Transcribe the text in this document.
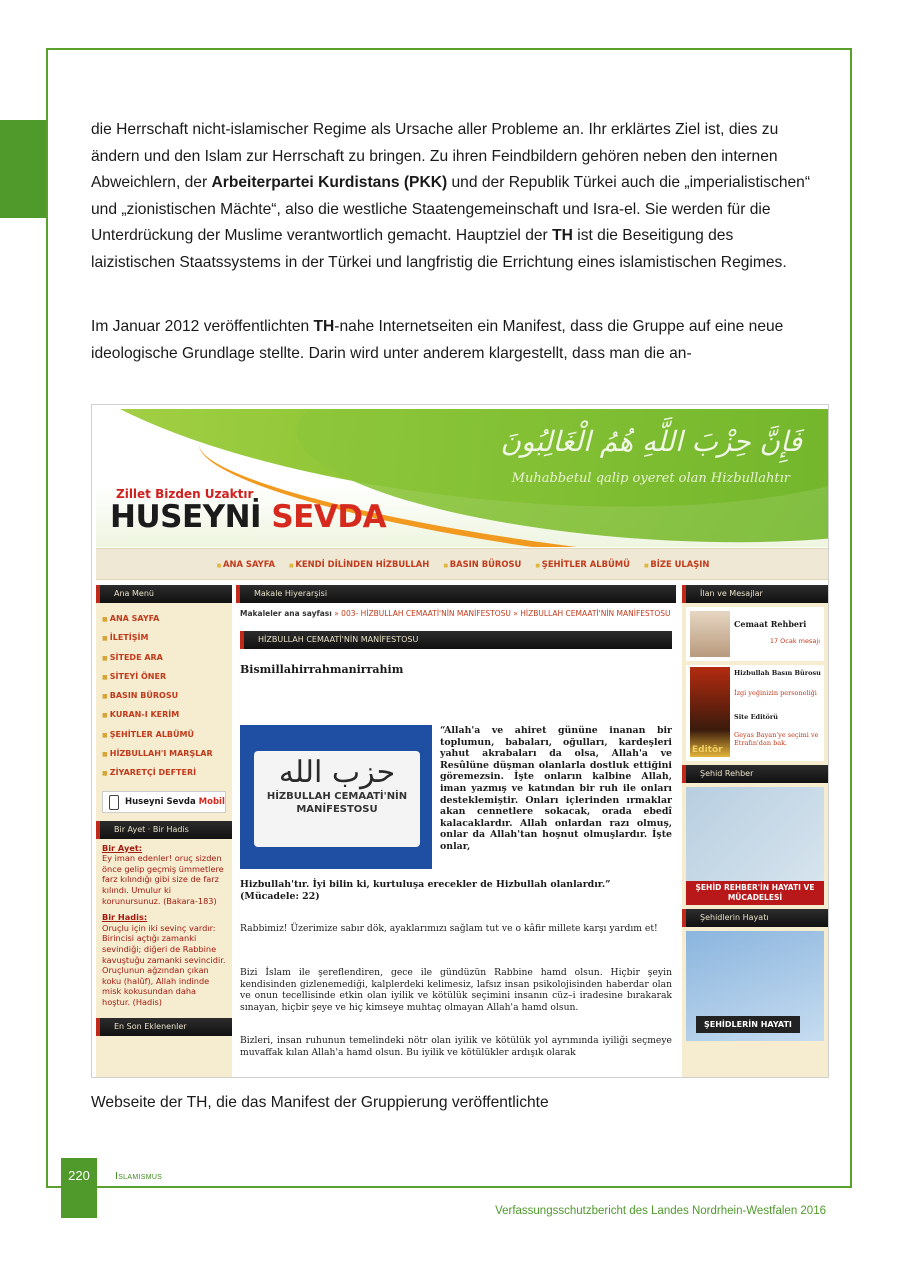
die Herrschaft nicht-islamischer Regime als Ursache aller Probleme an. Ihr erklärtes Ziel ist, dies zu ändern und den Islam zur Herrschaft zu bringen. Zu ihren Feindbildern gehören neben den internen Abweichlern, der Arbeiterpartei Kurdistans (PKK) und der Republik Türkei auch die „imperialistischen“ und „zionistischen Mächte“, also die westliche Staatengemeinschaft und Isra-el. Sie werden für die Unterdrückung der Muslime verantwortlich gemacht. Hauptziel der TH ist die Beseitigung des laizistischen Staatssystems in der Türkei und langfristig die Errichtung eines islamistischen Regimes.

Im Januar 2012 veröffentlichten TH-nahe Internetseiten ein Manifest, dass die Gruppe auf eine neue ideologische Grundlage stellte. Darin wird unter anderem klargestellt, dass man die an-

فَإِنَّ حِزْبَ اللَّهِ هُمُ الْغَالِبُونَ
Muhabbetul qalip oyeret olan Hizbullahtır
Zillet Bizden Uzaktır
HUSEYNİ SEVDA
■ ANA SAYFA	■ KENDİ DİLİNDEN HİZBULLAH	■ BASIN BÜROSU	■ ŞEHİTLER ALBÜMÜ	■ BİZE ULAŞIN
Ana Menü
■ ANA SAYFA
■ İLETİŞİM
■ SİTEDE ARA
■ SİTEYİ ÖNER
■ BASIN BÜROSU
■ KURAN-I KERİM
■ ŞEHİTLER ALBÜMÜ
■ HİZBULLAH'I MARŞLAR
■ ZİYARETÇİ DEFTERİ
Huseyni Sevda Mobil
Bir Ayet · Bir Hadis
Bir Ayet:
Ey iman edenler! oruç sizden önce gelip geçmiş ümmetlere farz kılındığı gibi size de farz kılındı. Umulur ki korunursunuz. (Bakara-183)
Bir Hadis:
Oruçlu için iki sevinç vardır: Birincisi açtığı zamanki sevindiği; diğeri de Rabbine kavuştuğu zamanki sevincidir. Oruçlunun ağzından çıkan koku (halûf), Allah indinde misk kokusundan daha hoştur. (Hadis)
En Son Eklenenler
Makale Hiyerarşisi
Makaleler ana sayfası » 003- HİZBULLAH CEMAATİ'NİN MANİFESTOSU » HİZBULLAH CEMAATİ'NİN MANİFESTOSU
HİZBULLAH CEMAATİ'NİN MANİFESTOSU
Bismillahirrahmanirrahim
حزب الله
HİZBULLAH CEMAATİ'NİN MANİFESTOSU
“Allah'a ve ahiret gününe inanan bir toplumun, babaları, oğulları, kardeşleri yahut akrabaları da olsa, Allah'a ve Resûlüne düşman olanlarla dostluk ettiğini göremezsin. İşte onların kalbine Allah, iman yazmış ve katından bir ruh ile onları desteklemiştir. Onları içlerinden ırmaklar akan cennetlere sokacak, orada ebedî kalacaklardır. Allah onlardan razı olmuş, onlar da Allah'tan hoşnut olmuşlardır. İşte onlar,
Hizbullah'tır. İyi bilin ki, kurtuluşa erecekler de Hizbullah olanlardır.” (Mücadele: 22)
Rabbimiz! Üzerimize sabır dök, ayaklarımızı sağlam tut ve o kâfir millete karşı yardım et!
Bizi İslam ile şereflendiren, gece ile gündüzün Rabbine hamd olsun. Hiçbir şeyin kendisinden gizlenemediği, kalplerdeki kelimesiz, lafsız insan psikolojisinden haberdar olan ve onun tecellisinde etkin olan iyilik ve kötülük seçimini insanın cüz–i iradesine bırakarak sınayan, hiçbir şeye ve hiç kimseye muhtaç olmayan Allah'a hamd olsun.
Bizleri, insan ruhunun temelindeki nötr olan iyilik ve kötülük yol ayrımında iyiliği seçmeye muvaffak kılan Allah'a hamd olsun. Bu iyilik ve kötülükler ardışık olarak
İlan ve Mesajlar
Cemaat Rehberi
17 Ocak mesajı
Hizbullah Basın Bürosu
İzgi yeğinizin personeliği
Site Editörü
Geyas Bayan'ye seçimi ve Etrafın'dan bak.
Editör
Şehid Rehber
ŞEHİD REHBER'İN HAYATI VE MÜCADELESİ
Şehidlerin Hayatı
ŞEHİDLERİN HAYATI
Webseite der TH, die das Manifest der Gruppierung veröffentlichte
220	Islamismus
Verfassungsschutzbericht des Landes Nordrhein-Westfalen 2016
